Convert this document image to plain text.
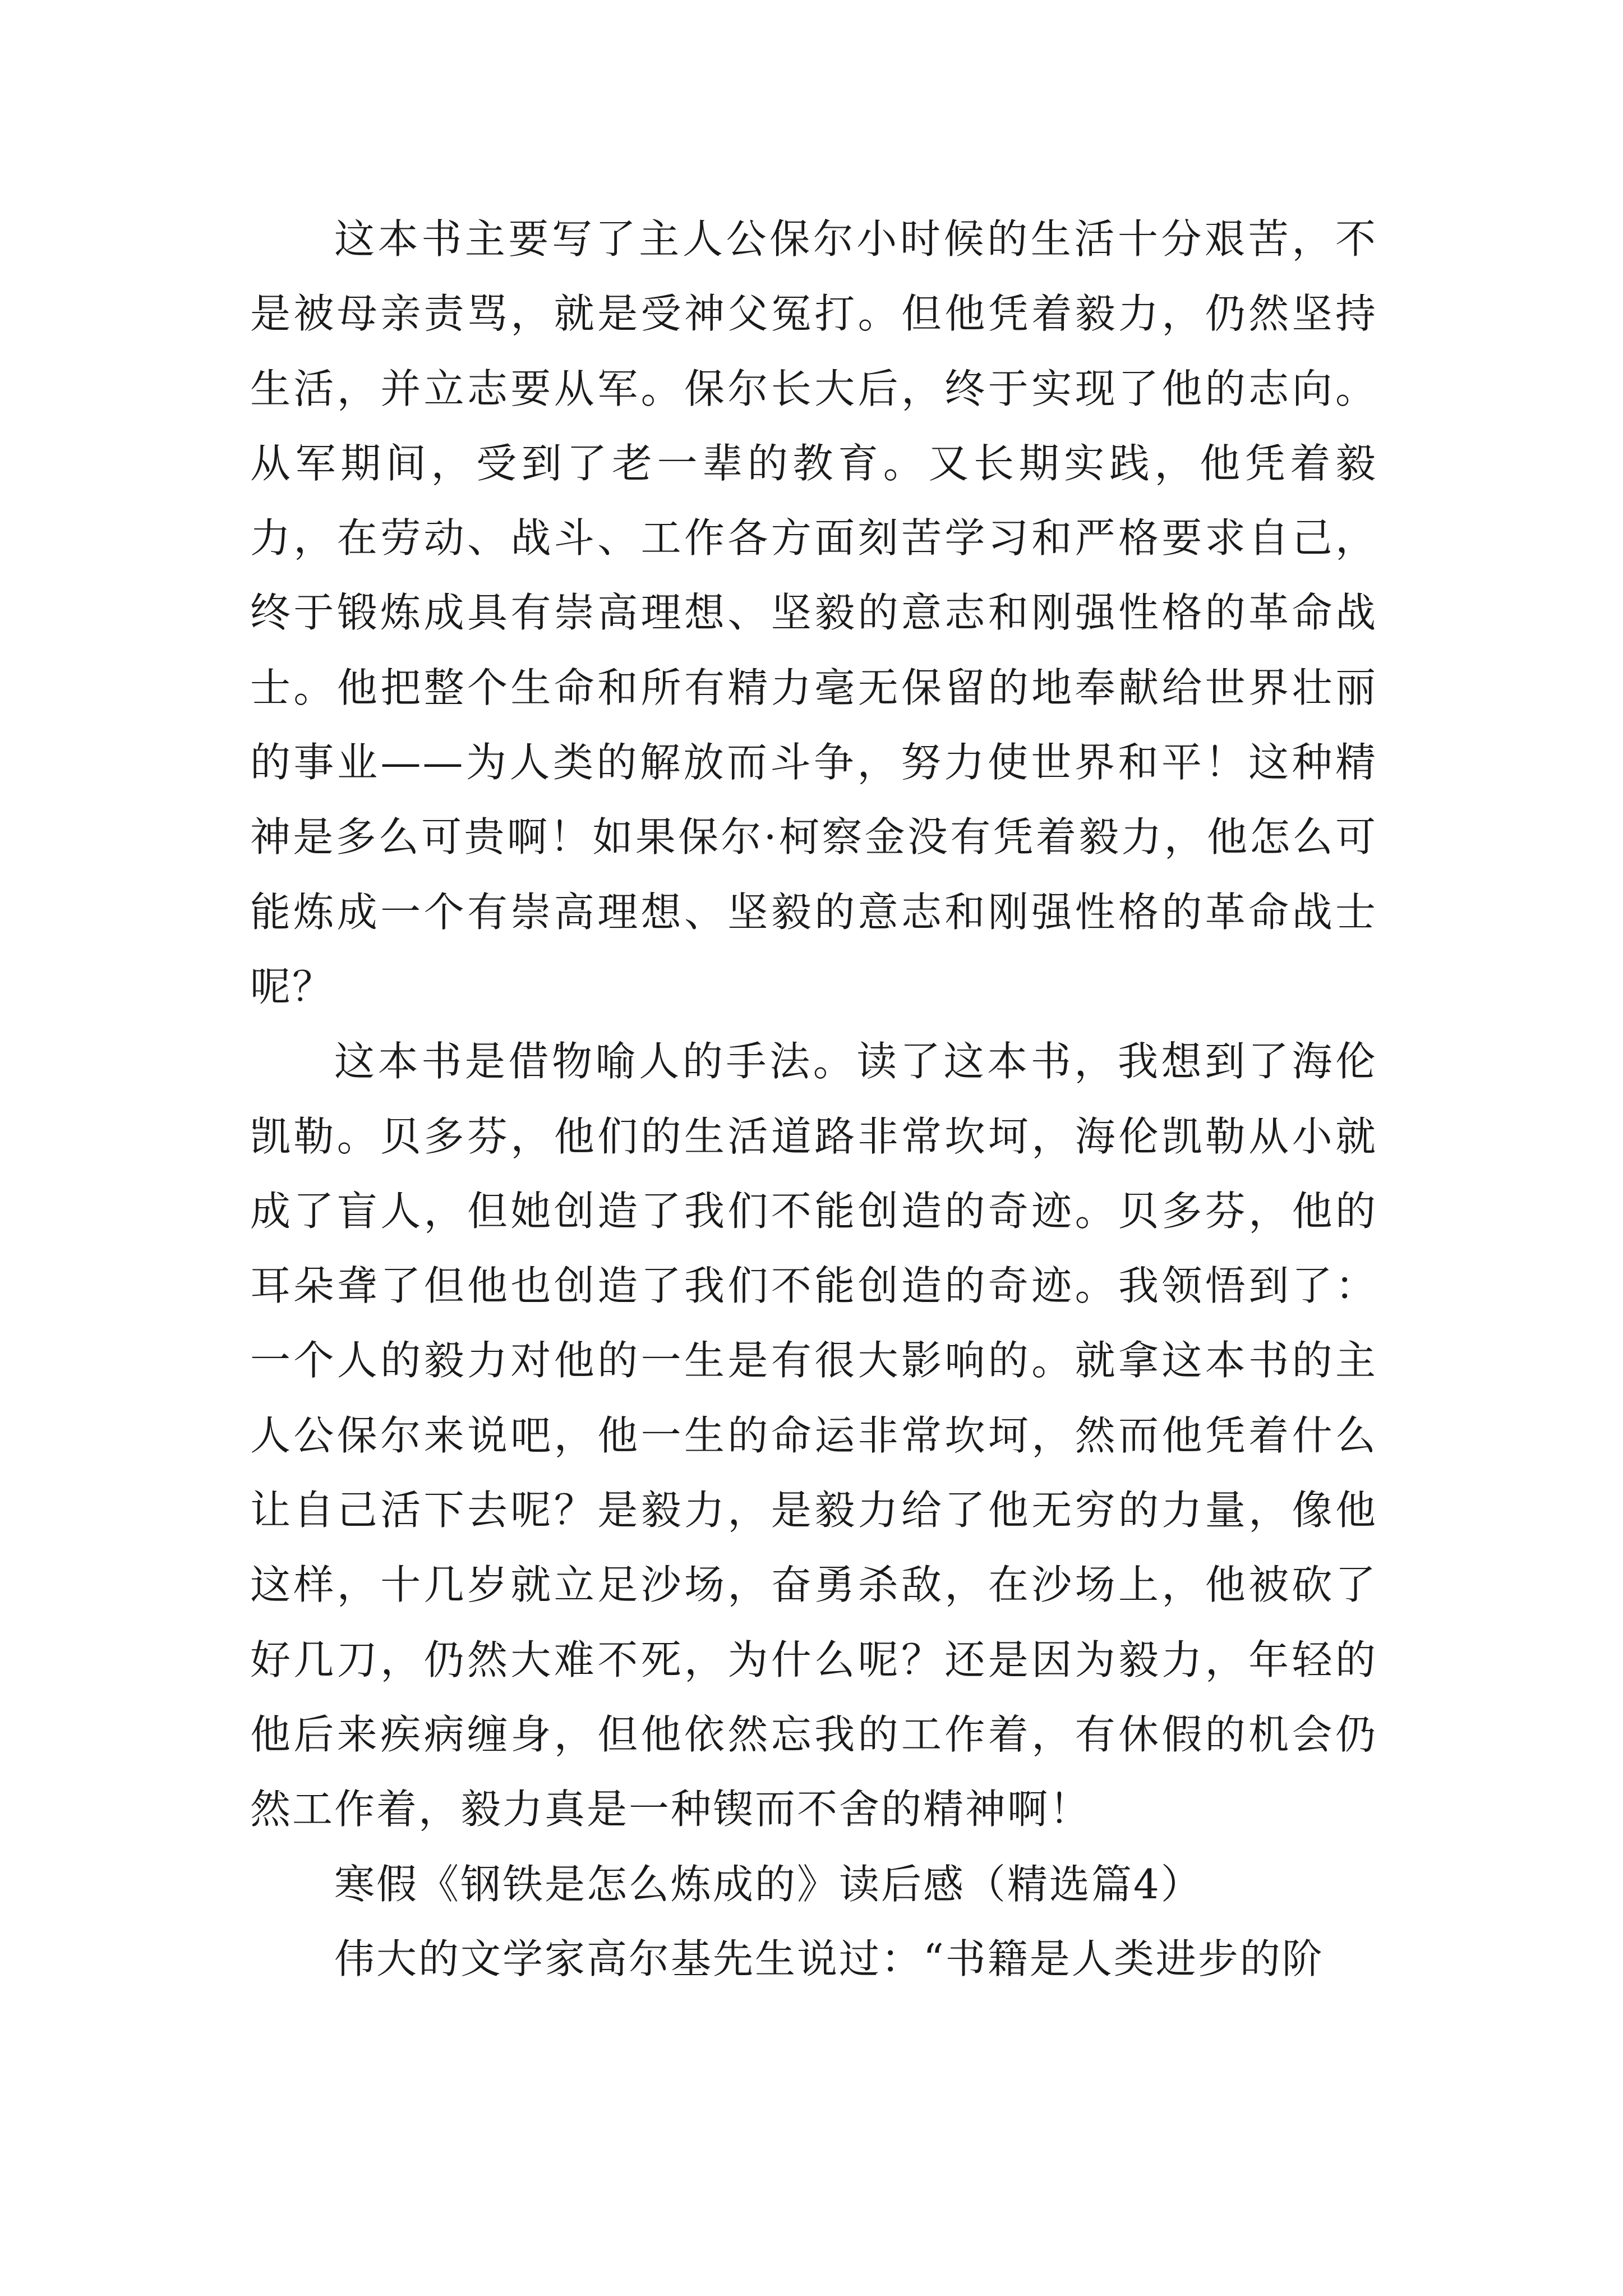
这本书主要写了主人公保尔小时候的生活十分艰苦，不是被母亲责骂，就是受神父冤打。但他凭着毅力，仍然坚持生活，并立志要从军。保尔长大后，终于实现了他的志向。从军期间，受到了老一辈的教育。又长期实践，他凭着毅力，在劳动、战斗、工作各方面刻苦学习和严格要求自己，终于锻炼成具有崇高理想、坚毅的意志和刚强性格的革命战士。他把整个生命和所有精力毫无保留的地奉献给世界壮丽的事业——为人类的解放而斗争，努力使世界和平！这种精神是多么可贵啊！如果保尔·柯察金没有凭着毅力，他怎么可能炼成一个有崇高理想、坚毅的意志和刚强性格的革命战士呢？

这本书是借物喻人的手法。读了这本书，我想到了海伦凯勒。贝多芬，他们的生活道路非常坎坷，海伦凯勒从小就成了盲人，但她创造了我们不能创造的奇迹。贝多芬，他的耳朵聋了但他也创造了我们不能创造的奇迹。我领悟到了：一个人的毅力对他的一生是有很大影响的。就拿这本书的主人公保尔来说吧，他一生的命运非常坎坷，然而他凭着什么让自己活下去呢？是毅力，是毅力给了他无穷的力量，像他这样，十几岁就立足沙场，奋勇杀敌，在沙场上，他被砍了好几刀，仍然大难不死，为什么呢？还是因为毅力，年轻的他后来疾病缠身，但他依然忘我的工作着，有休假的机会仍然工作着，毅力真是一种锲而不舍的精神啊！

寒假《钢铁是怎么炼成的》读后感（精选篇4）

伟大的文学家高尔基先生说过：“书籍是人类进步的阶
